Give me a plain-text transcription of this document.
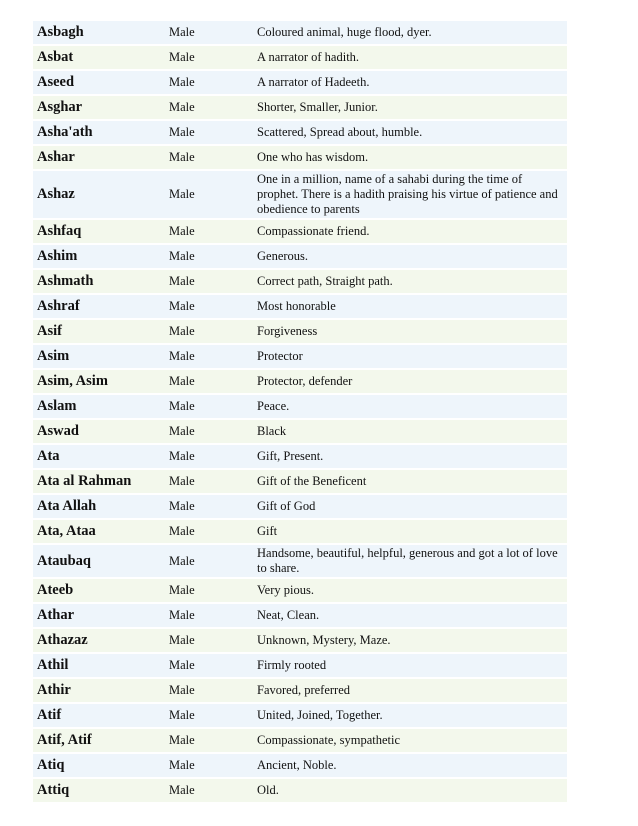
Asbagh	Male	Coloured animal, huge flood, dyer.
Asbat	Male	A narrator of hadith.
Aseed	Male	A narrator of Hadeeth.
Asghar	Male	Shorter, Smaller, Junior.
Asha'ath	Male	Scattered, Spread about, humble.
Ashar	Male	One who has wisdom.
Ashaz	Male	One in a million, name of a sahabi during the time of prophet. There is a hadith praising his virtue of patience and obedience to parents
Ashfaq	Male	Compassionate friend.
Ashim	Male	Generous.
Ashmath	Male	Correct path, Straight path.
Ashraf	Male	Most honorable
Asif	Male	Forgiveness
Asim	Male	Protector
Asim, Asim	Male	Protector, defender
Aslam	Male	Peace.
Aswad	Male	Black
Ata	Male	Gift, Present.
Ata al Rahman	Male	Gift of the Beneficent
Ata Allah	Male	Gift of God
Ata, Ataa	Male	Gift
Ataubaq	Male	Handsome, beautiful, helpful, generous and got a lot of love to share.
Ateeb	Male	Very pious.
Athar	Male	Neat, Clean.
Athazaz	Male	Unknown, Mystery, Maze.
Athil	Male	Firmly rooted
Athir	Male	Favored, preferred
Atif	Male	United, Joined, Together.
Atif, Atif	Male	Compassionate, sympathetic
Atiq	Male	Ancient, Noble.
Attiq	Male	Old.
